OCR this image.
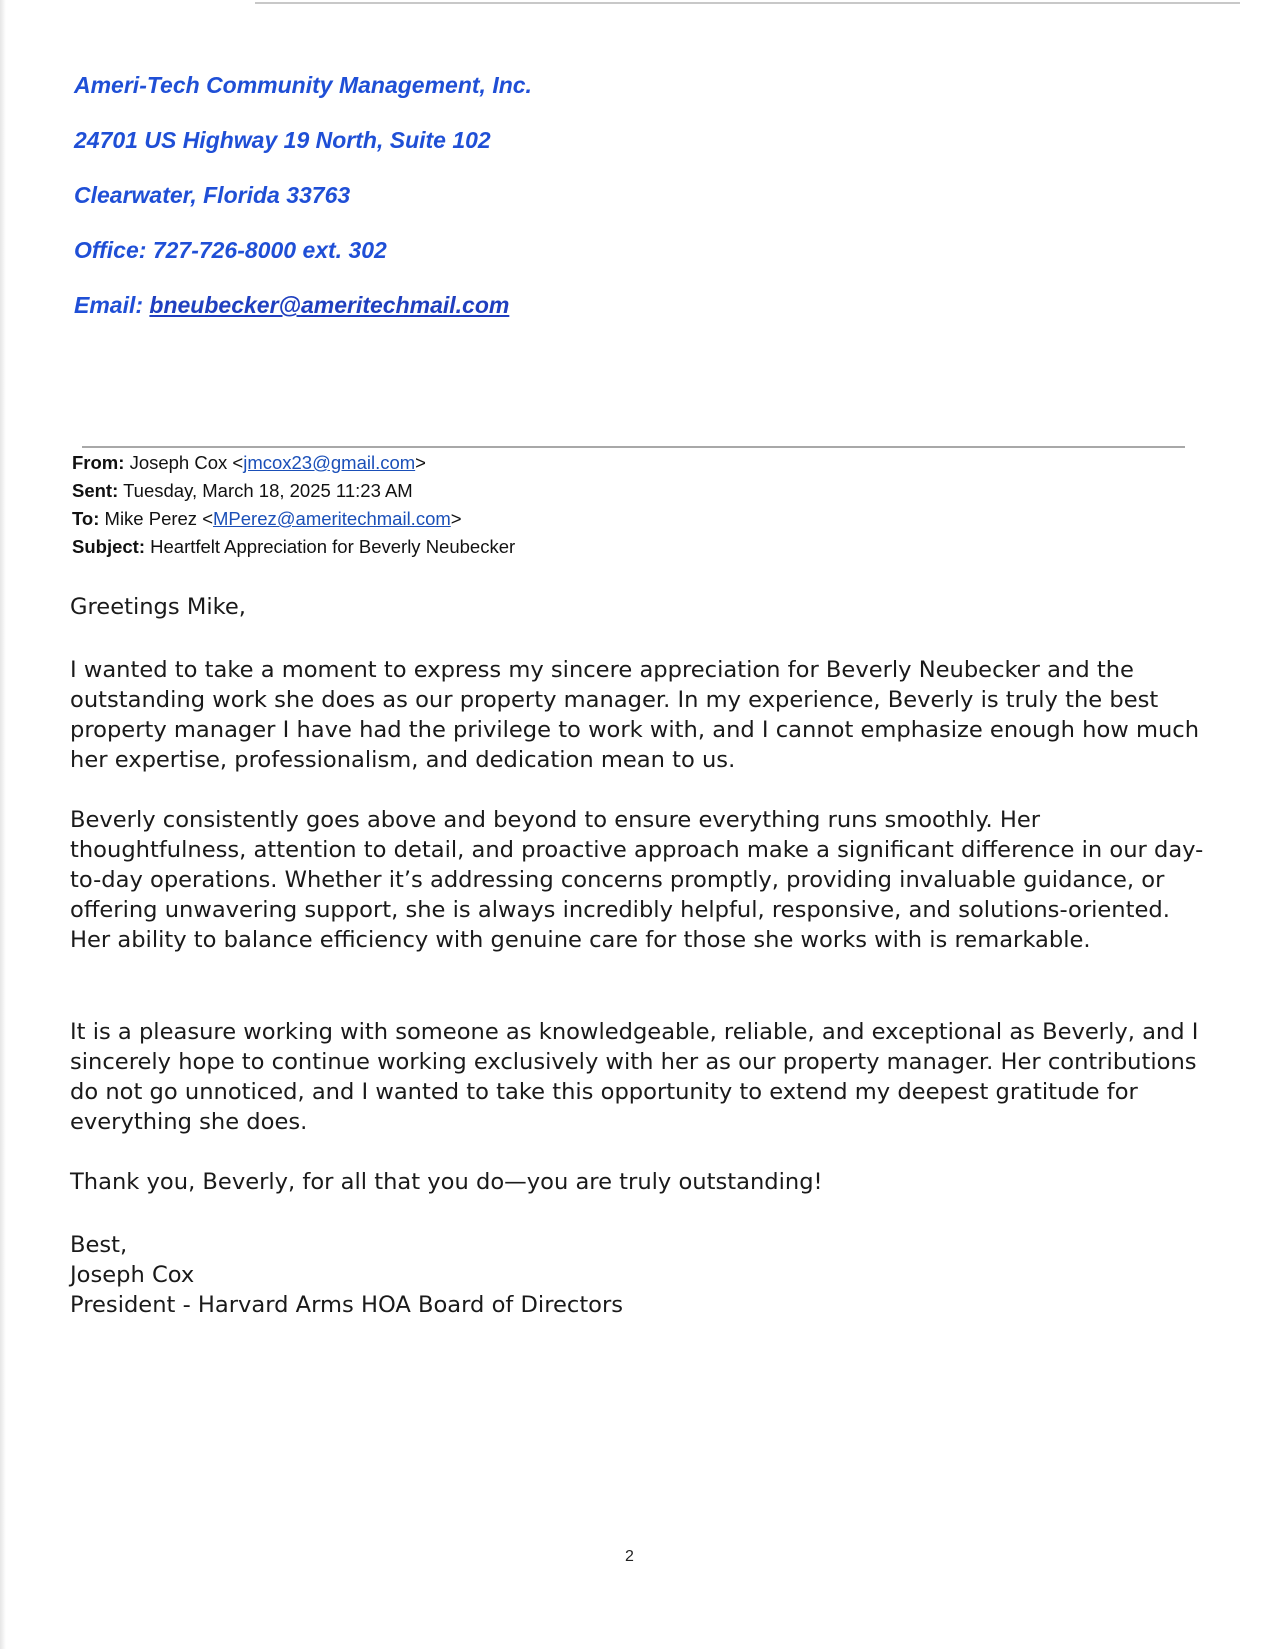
Ameri-Tech Community Management, Inc.
24701 US Highway 19 North, Suite 102
Clearwater, Florida 33763
Office: 727-726-8000 ext. 302
Email: bneubecker@ameritechmail.com
From: Joseph Cox <jmcox23@gmail.com>
Sent: Tuesday, March 18, 2025 11:23 AM
To: Mike Perez <MPerez@ameritechmail.com>
Subject: Heartfelt Appreciation for Beverly Neubecker

Greetings Mike,

I wanted to take a moment to express my sincere appreciation for Beverly Neubecker and the outstanding work she does as our property manager. In my experience, Beverly is truly the best property manager I have had the privilege to work with, and I cannot emphasize enough how much her expertise, professionalism, and dedication mean to us.

Beverly consistently goes above and beyond to ensure everything runs smoothly. Her thoughtfulness, attention to detail, and proactive approach make a significant difference in our day-to-day operations. Whether it’s addressing concerns promptly, providing invaluable guidance, or offering unwavering support, she is always incredibly helpful, responsive, and solutions-oriented. Her ability to balance efficiency with genuine care for those she works with is remarkable.

It is a pleasure working with someone as knowledgeable, reliable, and exceptional as Beverly, and I sincerely hope to continue working exclusively with her as our property manager. Her contributions do not go unnoticed, and I wanted to take this opportunity to extend my deepest gratitude for everything she does.

Thank you, Beverly, for all that you do—you are truly outstanding!

Best,

Joseph Cox

President - Harvard Arms HOA Board of Directors

2
